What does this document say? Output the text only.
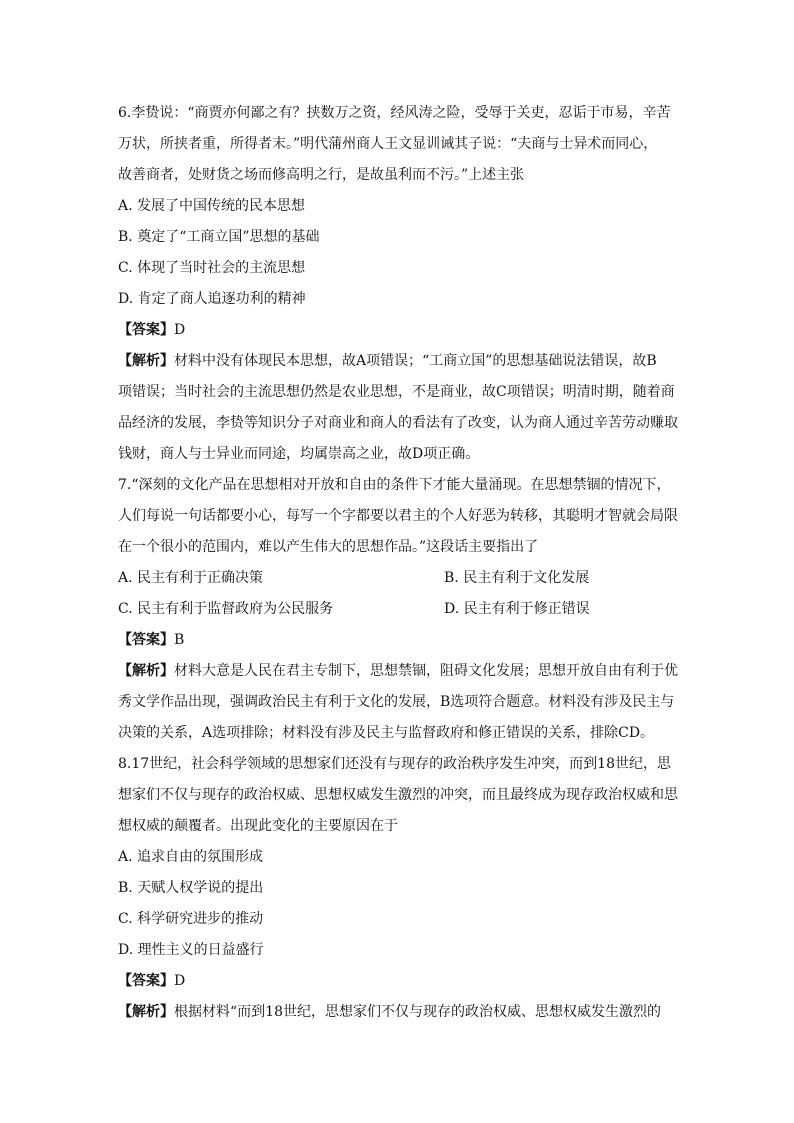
6.李贽说：“商贾亦何鄙之有？挟数万之资，经风涛之险，受辱于关吏，忍诟于市易，辛苦
万状，所挟者重，所得者末。”明代蒲州商人王文显训诫其子说：“夫商与士异术而同心，
故善商者，处财货之场而修高明之行，是故虽利而不污。”上述主张
A. 发展了中国传统的民本思想
B. 奠定了“工商立国”思想的基础
C. 体现了当时社会的主流思想
D. 肯定了商人追逐功利的精神
【答案】D
【解析】材料中没有体现民本思想，故A项错误；“工商立国”的思想基础说法错误，故B
项错误；当时社会的主流思想仍然是农业思想，不是商业，故C项错误；明清时期，随着商
品经济的发展，李贽等知识分子对商业和商人的看法有了改变，认为商人通过辛苦劳动赚取
钱财，商人与士异业而同途，均属崇高之业，故D项正确。
7.“深刻的文化产品在思想相对开放和自由的条件下才能大量涌现。在思想禁锢的情况下，
人们每说一句话都要小心，每写一个字都要以君主的个人好恶为转移，其聪明才智就会局限
在一个很小的范围内，难以产生伟大的思想作品。”这段话主要指出了
A. 民主有利于正确决策	B. 民主有利于文化发展
C. 民主有利于监督政府为公民服务	D. 民主有利于修正错误
【答案】B
【解析】材料大意是人民在君主专制下，思想禁锢，阻碍文化发展；思想开放自由有利于优
秀文学作品出现，强调政治民主有利于文化的发展，B选项符合题意。材料没有涉及民主与
决策的关系，A选项排除；材料没有涉及民主与监督政府和修正错误的关系，排除CD。
8.17世纪，社会科学领域的思想家们还没有与现存的政治秩序发生冲突，而到18世纪，思
想家们不仅与现存的政治权威、思想权威发生激烈的冲突，而且最终成为现存政治权威和思
想权威的颠覆者。出现此变化的主要原因在于
A. 追求自由的氛围形成
B. 天赋人权学说的提出
C. 科学研究进步的推动
D. 理性主义的日益盛行
【答案】D
【解析】根据材料“而到18世纪，思想家们不仅与现存的政治权威、思想权威发生激烈的
